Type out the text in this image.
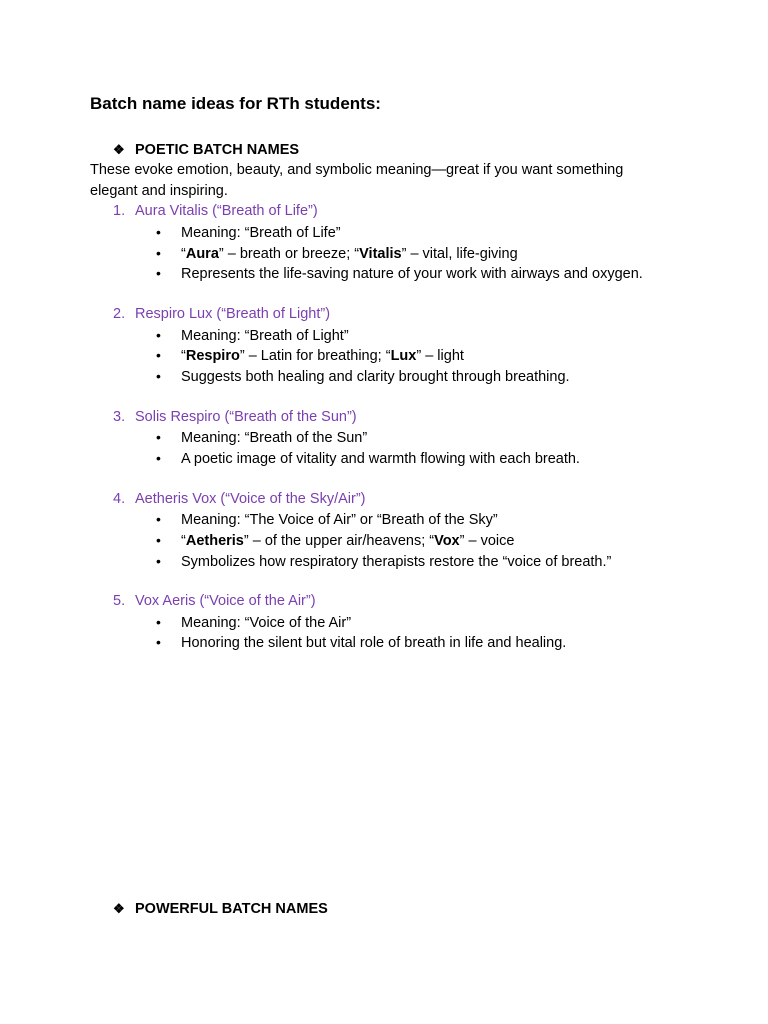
Batch name ideas for RTh students:
❖ POETIC BATCH NAMES
These evoke emotion, beauty, and symbolic meaning—great if you want something elegant and inspiring.
1. Aura Vitalis (“Breath of Life”)
• Meaning: “Breath of Life”
• “Aura” – breath or breeze; “Vitalis” – vital, life-giving
• Represents the life-saving nature of your work with airways and oxygen.
2. Respiro Lux (“Breath of Light”)
• Meaning: “Breath of Light”
• “Respiro” – Latin for breathing; “Lux” – light
• Suggests both healing and clarity brought through breathing.
3. Solis Respiro (“Breath of the Sun”)
• Meaning: “Breath of the Sun”
• A poetic image of vitality and warmth flowing with each breath.
4. Aetheris Vox (“Voice of the Sky/Air”)
• Meaning: “The Voice of Air” or “Breath of the Sky”
• “Aetheris” – of the upper air/heavens; “Vox” – voice
• Symbolizes how respiratory therapists restore the “voice of breath.”
5. Vox Aeris (“Voice of the Air”)
• Meaning: “Voice of the Air”
• Honoring the silent but vital role of breath in life and healing.
❖ POWERFUL BATCH NAMES
